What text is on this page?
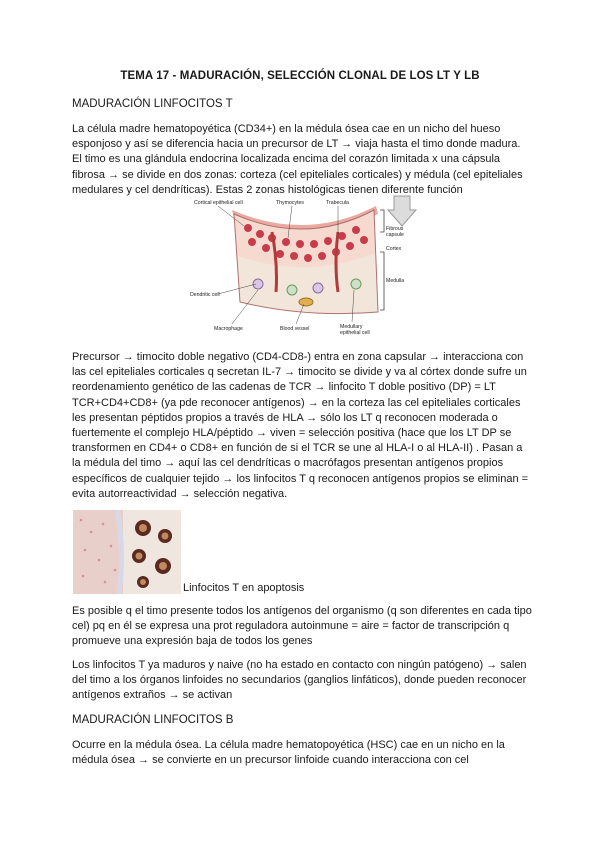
TEMA 17 - MADURACIÓN, SELECCIÓN CLONAL DE LOS LT Y LB
MADURACIÓN LINFOCITOS T
La célula madre hematopoyética (CD34+) en la médula ósea cae en un nicho del hueso esponjoso y así se diferencia hacia un precursor de LT → viaja hasta el timo donde madura. El timo es una glándula endocrina localizada encima del corazón limitada x una cápsula fibrosa → se divide en dos zonas: corteza (cel epiteliales corticales) y médula (cel epiteliales medulares y cel dendríticas). Estas 2 zonas histológicas tienen diferente función
Cortical epithelial cell	Thymocytes	Trabecula
Fibrous
capsule
Cortex
Medulla
Dendritic cell
Macrophage	Blood vessel	Medullary
epithelial cell
Precursor → timocito doble negativo (CD4-CD8-) entra en zona capsular → interacciona con las cel epiteliales corticales q secretan IL-7 → timocito se divide y va al córtex donde sufre un reordenamiento genético de las cadenas de TCR → linfocito T doble positivo (DP) = LT TCR+CD4+CD8+ (ya pde reconocer antígenos) → en la corteza las cel epiteliales corticales les presentan péptidos propios a través de HLA → sólo los LT q reconocen moderada o fuertemente el complejo HLA/péptido → viven = selección positiva (hace que los LT DP se transformen en CD4+ o CD8+ en función de si el TCR se une al HLA-I o al HLA-II) . Pasan a la médula del timo → aquí las cel dendríticas o macrófagos presentan antígenos propios específicos de cualquier tejido → los linfocitos T q reconocen antígenos propios se eliminan = evita autorreactividad → selección negativa.
Linfocitos T en apoptosis
Es posible q el timo presente todos los antígenos del organismo (q son diferentes en cada tipo cel) pq en él se expresa una prot reguladora autoinmune = aire = factor de transcripción q promueve una expresión baja de todos los genes
Los linfocitos T ya maduros y naive (no ha estado en contacto con ningún patógeno) → salen del timo a los órganos linfoides no secundarios (ganglios linfáticos), donde pueden reconocer antígenos extraños → se activan
MADURACIÓN LINFOCITOS B
Ocurre en la médula ósea. La célula madre hematopoyética (HSC) cae en un nicho en la médula ósea → se convierte en un precursor linfoide cuando interacciona con cel
